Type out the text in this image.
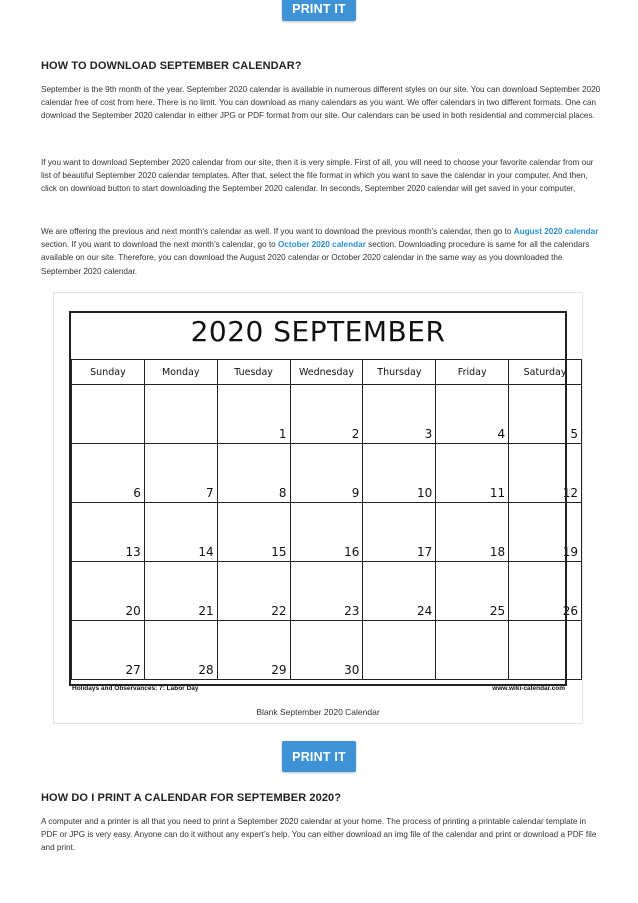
PRINT IT
HOW TO DOWNLOAD SEPTEMBER CALENDAR?

September is the 9th month of the year. September 2020 calendar is available in numerous different styles on our site. You can download September 2020 calendar free of cost from here. There is no limit. You can download as many calendars as you want. We offer calendars in two different formats. One can download the September 2020 calendar in either JPG or PDF format from our site. Our calendars can be used in both residential and commercial places.

If you want to download September 2020 calendar from our site, then it is very simple. First of all, you will need to choose your favorite calendar from our list of beautiful September 2020 calendar templates. After that, select the file format in which you want to save the calendar in your computer. And then, click on download button to start downloading the September 2020 calendar. In seconds, September 2020 calendar will get saved in your computer,

We are offering the previous and next month’s calendar as well. If you want to download the previous month’s calendar, then go to August 2020 calendar section. If you want to download the next month’s calendar, go to October 2020 calendar section. Downloading procedure is same for all the calendars available on our site. Therefore, you can download the August 2020 calendar or October 2020 calendar in the same way as you downloaded the September 2020 calendar.

2020 SEPTEMBER
Sunday	Monday	Tuesday	Wednesday	Thursday	Friday	Saturday
		1	2	3	4	5
6	7	8	9	10	11	12
13	14	15	16	17	18	19
20	21	22	23	24	25	26
27	28	29	30			
Holidays and Observances: 7: Labor Day	www.wiki-calendar.com
Blank September 2020 Calendar
PRINT IT
HOW DO I PRINT A CALENDAR FOR SEPTEMBER 2020?

A computer and a printer is all that you need to print a September 2020 calendar at your home. The process of printing a printable calendar template in PDF or JPG is very easy. Anyone can do it without any expert’s help. You can either download an img file of the calendar and print or download a PDF file and print.
